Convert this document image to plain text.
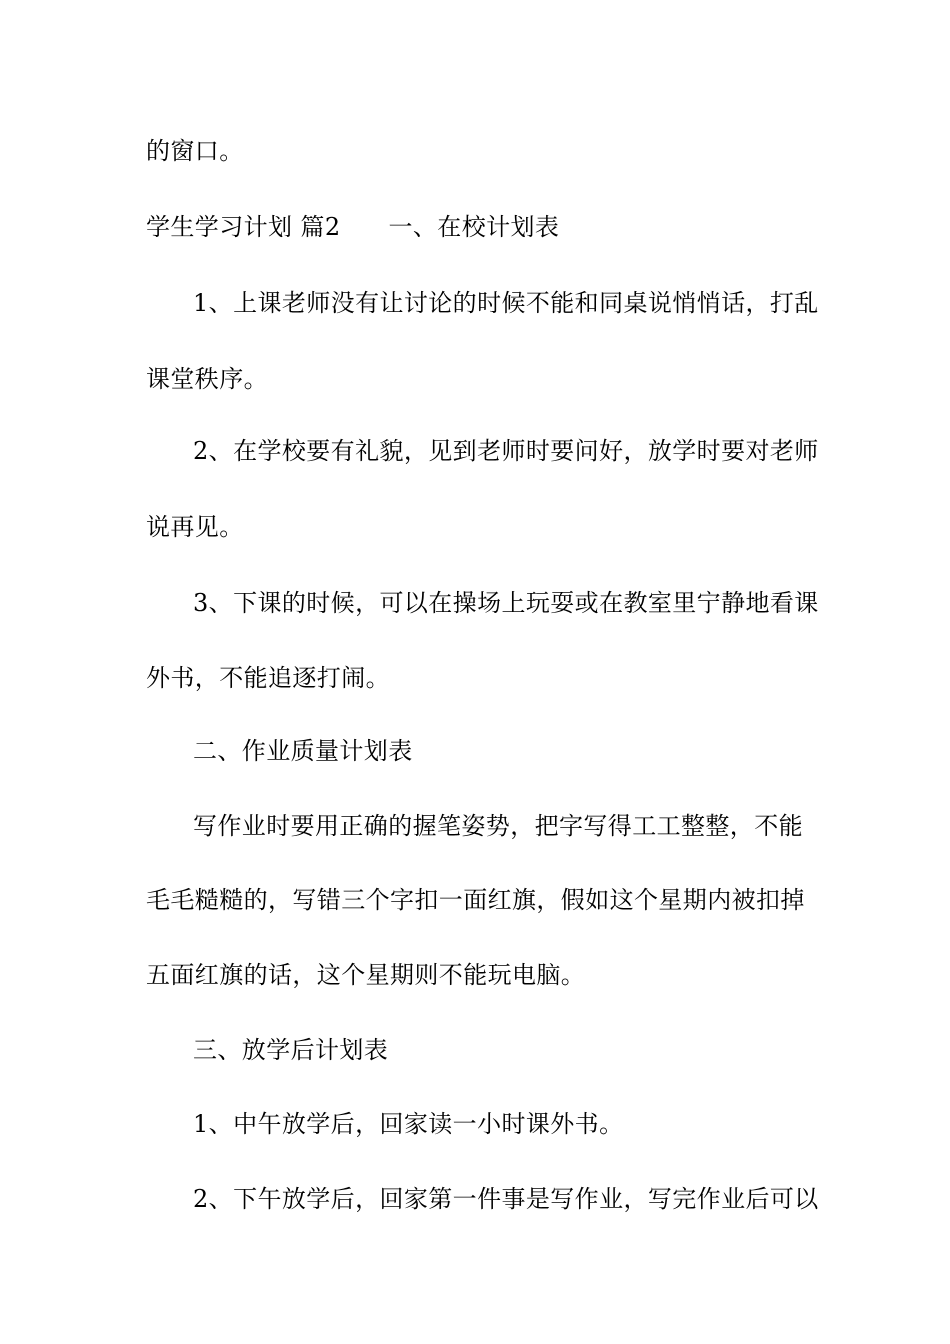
的窗口。
学生学习计划 篇2 一、在校计划表
1、上课老师没有让讨论的时候不能和同桌说悄悄话，打乱
课堂秩序。
2、在学校要有礼貌，见到老师时要问好，放学时要对老师
说再见。
3、下课的时候，可以在操场上玩耍或在教室里宁静地看课
外书，不能追逐打闹。
二、作业质量计划表
写作业时要用正确的握笔姿势，把字写得工工整整，不能
毛毛糙糙的，写错三个字扣一面红旗，假如这个星期内被扣掉
五面红旗的话，这个星期则不能玩电脑。
三、放学后计划表
1、中午放学后，回家读一小时课外书。
2、下午放学后，回家第一件事是写作业，写完作业后可以
